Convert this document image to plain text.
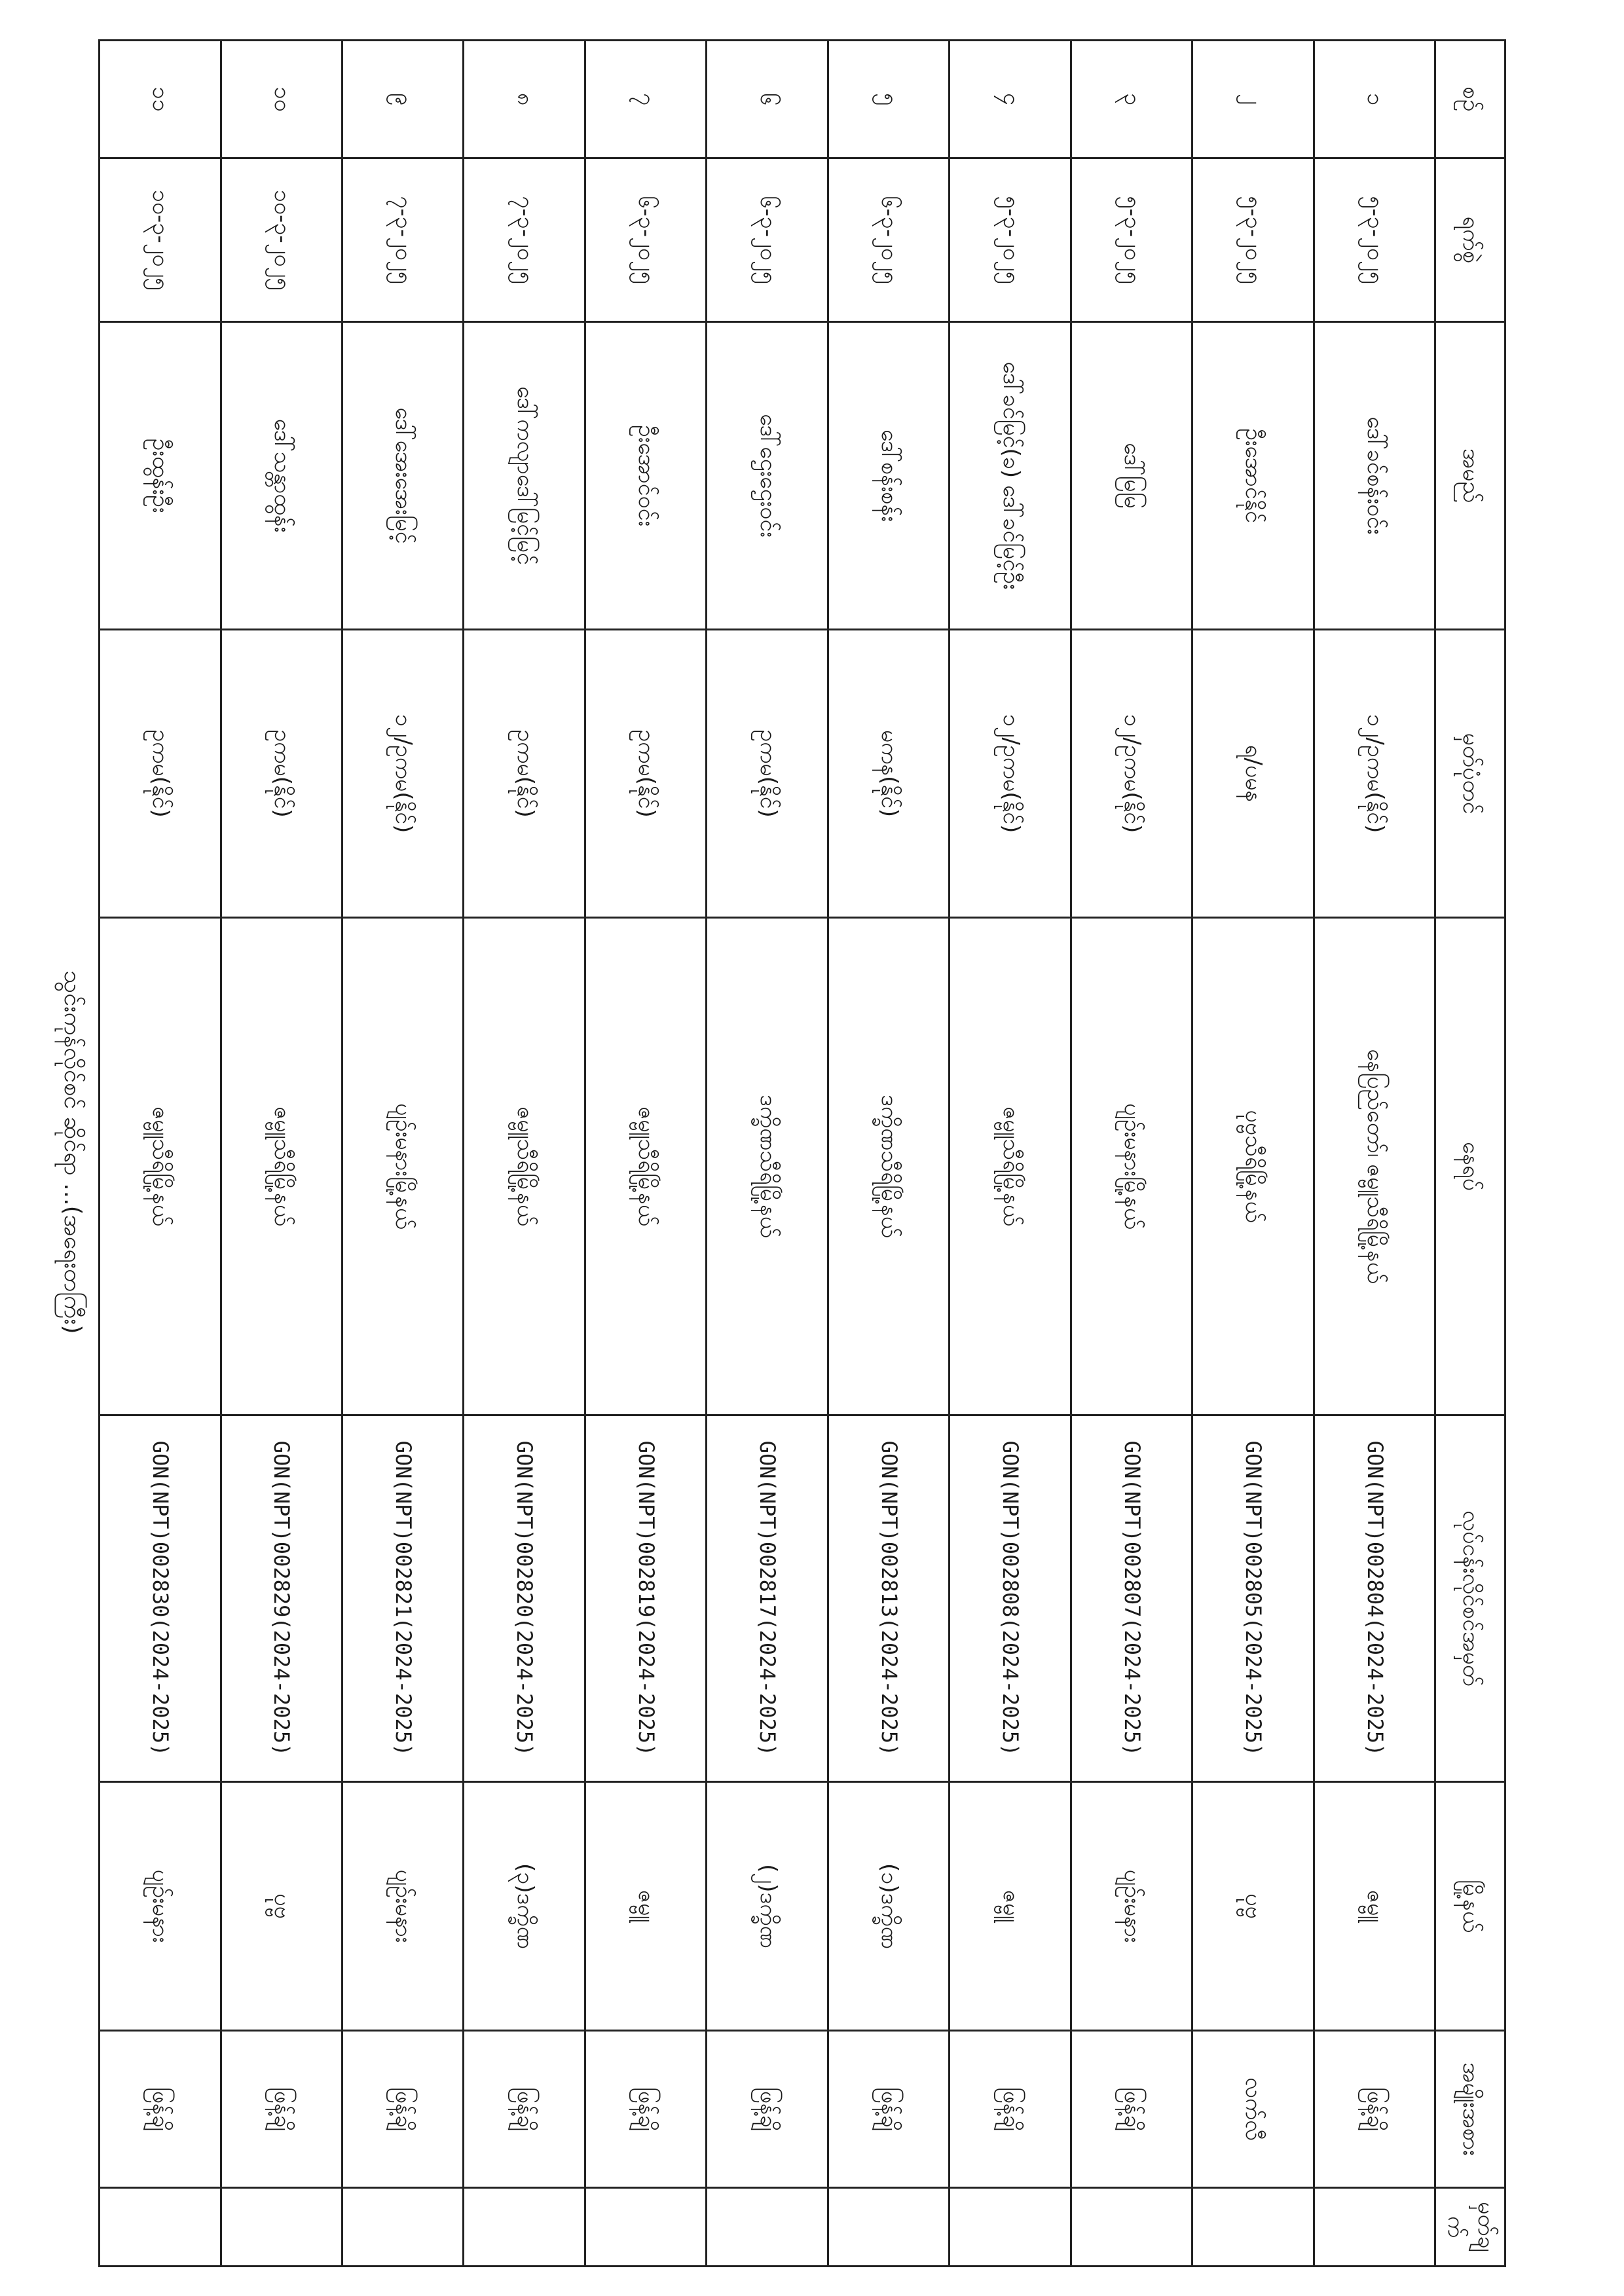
စဉ်	ရက်စွဲ	အမည်	မှတ်ပုံတင်	နေရပ်	လုပ်ငန်းလိုင်စင်အမှတ်	မြို့နယ်	အမျိုးအစား	မှတ်ချက်
၁	၅-၃-၂၀၂၅	ဒေါ်ခင်စန်းဝင်း	၁၂/ဥကမ(နိုင်)	နေပြည်တော်၊ ဇမ္ဗူသီရိမြို့နယ်	GON(NPT)002804(2024-2025)	ဇမ္ဗူ	ဖြန့်ချိ	
၂	၅-၃-၂၀၂၅	ဦးအောင်နိုင်	ရ/ပမန	ပုဗ္ဗသီရိမြို့နယ်	GON(NPT)002805(2024-2025)	ပုဗ္ဗ	လက်လီ	
၃	၅-၃-၂၀၂၅	ဒေါ်မြမြ	၁၂/ဥကမ(နိုင်)	ပျဉ်းမနားမြို့နယ်	GON(NPT)002807(2024-2025)	ပျဉ်းမနား	ဖြန့်ချိ	
၄	၅-၃-၂၀၂၅	ဒေါ်ခင်မြင့်(ခ) ဒေါ်ခင်မြင့်ဦး	၁၂/ဥကမ(နိုင်)	ဇမ္ဗူသီရိမြို့နယ်	GON(NPT)002808(2024-2025)	ဇမ္ဗူ	ဖြန့်ချိ	
၅	၆-၃-၂၀၂၅	ဒေါ်စန်းစန်း	မကန(နိုင်)	ဒက္ခိဏသီရိမြို့နယ်	GON(NPT)002813(2024-2025)	(၁)ဒက္ခိဏ	ဖြန့်ချိ	
၆	၆-၃-၂၀၂၅	ဒေါ်ဌေးဌေးဝင်း	ဥကမ(နိုင်)	ဒက္ခိဏသီရိမြို့နယ်	GON(NPT)002817(2024-2025)	(၂)ဒက္ခိဏ	ဖြန့်ချိ	
၇	၆-၃-၂၀၂၅	ဦးအောင်ဝင်း	ဥကမ(နိုင်)	ဇမ္ဗူသီရိမြို့နယ်	GON(NPT)002819(2024-2025)	ဇမ္ဗူ	ဖြန့်ချိ	
၈	၇-၃-၂၀၂၅	ဒေါ်ကလျာဒေါ်မြင့်မြင့်	ဥကမ(နိုင်)	ဇမ္ဗူသီရိမြို့နယ်	GON(NPT)002820(2024-2025)	(၃)ဒက္ခိဏ	ဖြန့်ချိ	
၉	၇-၃-၂၀၂၅	ဒေါ်အေးအေးမြင့်	၁၂/ဥကမ(နိုင်)	ပျဉ်းမနားမြို့နယ်	GON(NPT)002821(2024-2025)	ပျဉ်းမနား	ဖြန့်ချိ	
၁၀	၁၀-၃-၂၀၂၅	ဒေါ်သန္တာထွန်း	ဥကမ(နိုင်)	ဇမ္ဗူသီရိမြို့နယ်	GON(NPT)002829(2024-2025)	ပုဗ္ဗ	ဖြန့်ချိ	
၁၁	၁၀-၃-၂၀၂၅	ဦးထွန်းဦး	ဥကမ(နိုင်)	ဇမ္ဗူသီရိမြို့နယ်	GON(NPT)002830(2024-2025)	ပျဉ်းမနား	ဖြန့်ချိ	
သွင်းကုန်လိုင်စင် ဆိုင်ရာ ...(အရေးတကြီး)
